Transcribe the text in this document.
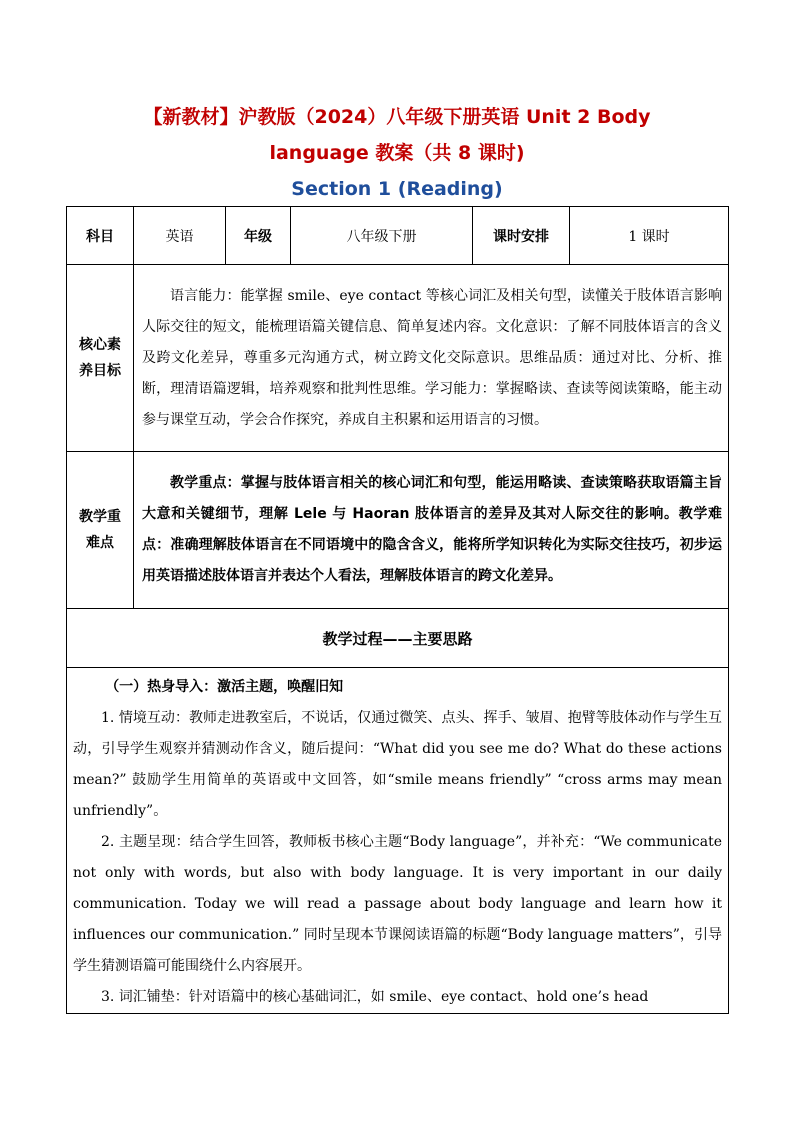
【新教材】沪教版（2024）八年级下册英语 Unit 2 Body
language 教案（共 8 课时)
Section 1 (Reading)
科目	英语	年级	八年级下册	课时安排	1 课时

核心素
养目标	语言能力：能掌握 smile、eye contact 等核心词汇及相关句型，读懂关于肢体语言影响人际交往的短文，能梳理语篇关键信息、简单复述内容。文化意识：了解不同肢体语言的含义及跨文化差异，尊重多元沟通方式，树立跨文化交际意识。思维品质：通过对比、分析、推断，理清语篇逻辑，培养观察和批判性思维。学习能力：掌握略读、查读等阅读策略，能主动参与课堂互动，学会合作探究，养成自主积累和运用语言的习惯。				

教学重
难点	教学重点：掌握与肢体语言相关的核心词汇和句型，能运用略读、查读策略获取语篇主旨大意和关键细节，理解 Lele 与 Haoran 肢体语言的差异及其对人际交往的影响。教学难点：准确理解肢体语言在不同语境中的隐含含义，能将所学知识转化为实际交往技巧，初步运用英语描述肢体语言并表达个人看法，理解肢体语言的跨文化差异。				

教学过程——主要思路					

（一）热身导入：激活主题，唤醒旧知

1. 情境互动：教师走进教室后，不说话，仅通过微笑、点头、挥手、皱眉、抱臂等肢体动作与学生互动，引导学生观察并猜测动作含义，随后提问：“What did you see me do? What do these actions mean?” 鼓励学生用简单的英语或中文回答，如“smile means friendly” “cross arms may mean unfriendly”。

2. 主题呈现：结合学生回答，教师板书核心主题“Body language”，并补充：“We communicate not only with words, but also with body language. It is very important in our daily communication. Today we will read a passage about body language and learn how it influences our communication.” 同时呈现本节课阅读语篇的标题“Body language matters”，引导学生猜测语篇可能围绕什么内容展开。

3. 词汇铺垫：针对语篇中的核心基础词汇，如 smile、eye contact、hold one’s head					
